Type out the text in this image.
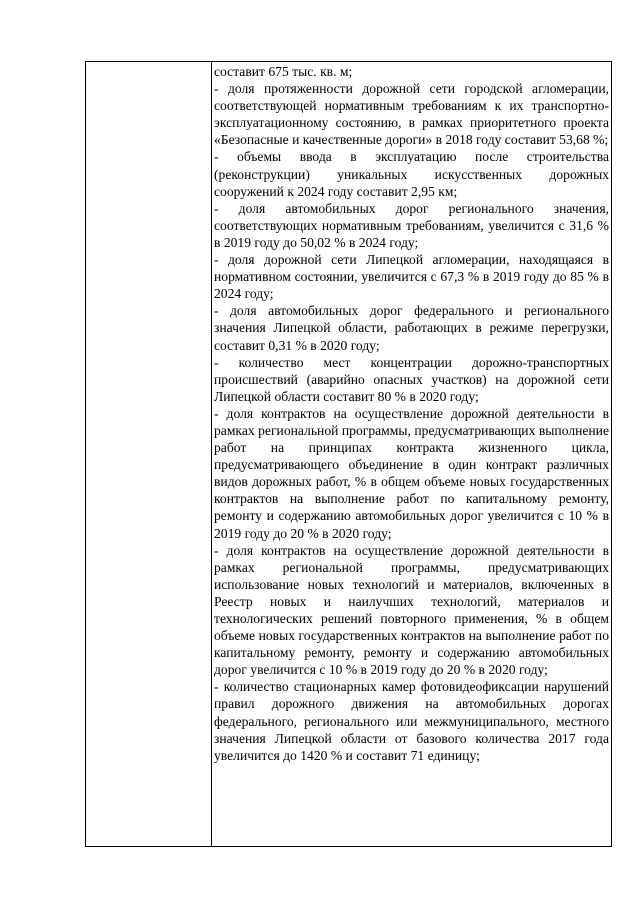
составит 675 тыс. кв. м;

- доля протяженности дорожной сети городской агломерации, соответствующей нормативным требованиям к их транспортно-эксплуатационному состоянию, в рамках приоритетного проекта «Безопасные и качественные дороги» в 2018 году составит 53,68 %;

- объемы ввода в эксплуатацию после строительства (реконструкции) уникальных искусственных дорожных сооружений к 2024 году составит 2,95 км;

- доля автомобильных дорог регионального значения, соответствующих нормативным требованиям, увеличится с 31,6 % в 2019 году до 50,02 % в 2024 году;

- доля дорожной сети Липецкой агломерации, находящаяся в нормативном состоянии, увеличится с 67,3 % в 2019 году до 85 % в 2024 году;

- доля автомобильных дорог федерального и регионального значения Липецкой области, работающих в режиме перегрузки, составит 0,31 % в 2020 году;

- количество мест концентрации дорожно-транспортных происшествий (аварийно опасных участков) на дорожной сети Липецкой области составит 80 % в 2020 году;

- доля контрактов на осуществление дорожной деятельности в рамках региональной программы, предусматривающих выполнение работ на принципах контракта жизненного цикла, предусматривающего объединение в один контракт различных видов дорожных работ, % в общем объеме новых государственных контрактов на выполнение работ по капитальному ремонту, ремонту и содержанию автомобильных дорог увеличится с 10 % в 2019 году до 20 % в 2020 году;

- доля контрактов на осуществление дорожной деятельности в рамках региональной программы, предусматривающих использование новых технологий и материалов, включенных в Реестр новых и наилучших технологий, материалов и технологических решений повторного применения, % в общем объеме новых государственных контрактов на выполнение работ по капитальному ремонту, ремонту и содержанию автомобильных дорог увеличится с 10 % в 2019 году до 20 % в 2020 году;

- количество стационарных камер фотовидеофиксации нарушений правил дорожного движения на автомобильных дорогах федерального, регионального или межмуниципального, местного значения Липецкой области от базового количества 2017 года увеличится до 1420 % и составит 71 единицу;
